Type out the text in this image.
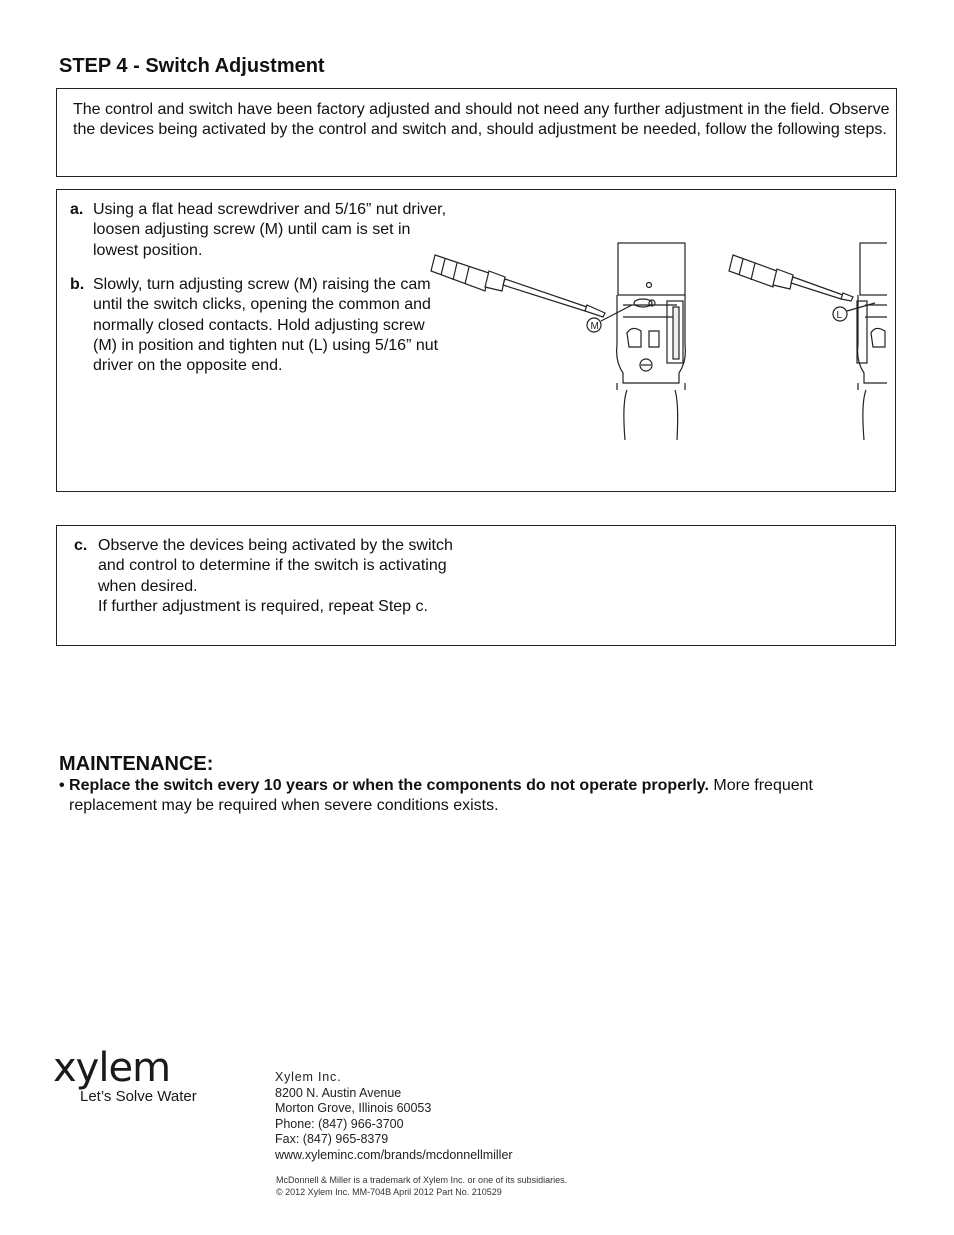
STEP 4 - Switch Adjustment
The control and switch have been factory adjusted and should not need any further adjustment in the field. Observe the devices being activated by the control and switch and, should adjustment be needed, follow the following steps.
a. Using a flat head screwdriver and 5/16” nut driver, loosen adjusting screw (M) until cam is set in lowest position.
b. Slowly, turn adjusting screw (M) raising the cam until the switch clicks, opening the common and normally closed contacts. Hold adjusting screw (M) in position and tighten nut (L) using 5/16” nut driver on the opposite end.
M
L
c. Observe the devices being activated by the switch
and control to determine if the switch is activating
when desired.
If further adjustment is required, repeat Step c.
MAINTENANCE:
• Replace the switch every 10 years or when the components do not operate properly. More frequent
replacement may be required when severe conditions exists.
xylem
Let’s Solve Water
Xylem Inc.
8200 N. Austin Avenue
Morton Grove, Illinois 60053
Phone: (847) 966-3700
Fax: (847) 965-8379
www.xyleminc.com/brands/mcdonnellmiller
McDonnell & Miller is a trademark of Xylem Inc. or one of its subsidiaries.
© 2012 Xylem Inc. MM-704B April 2012 Part No. 210529
